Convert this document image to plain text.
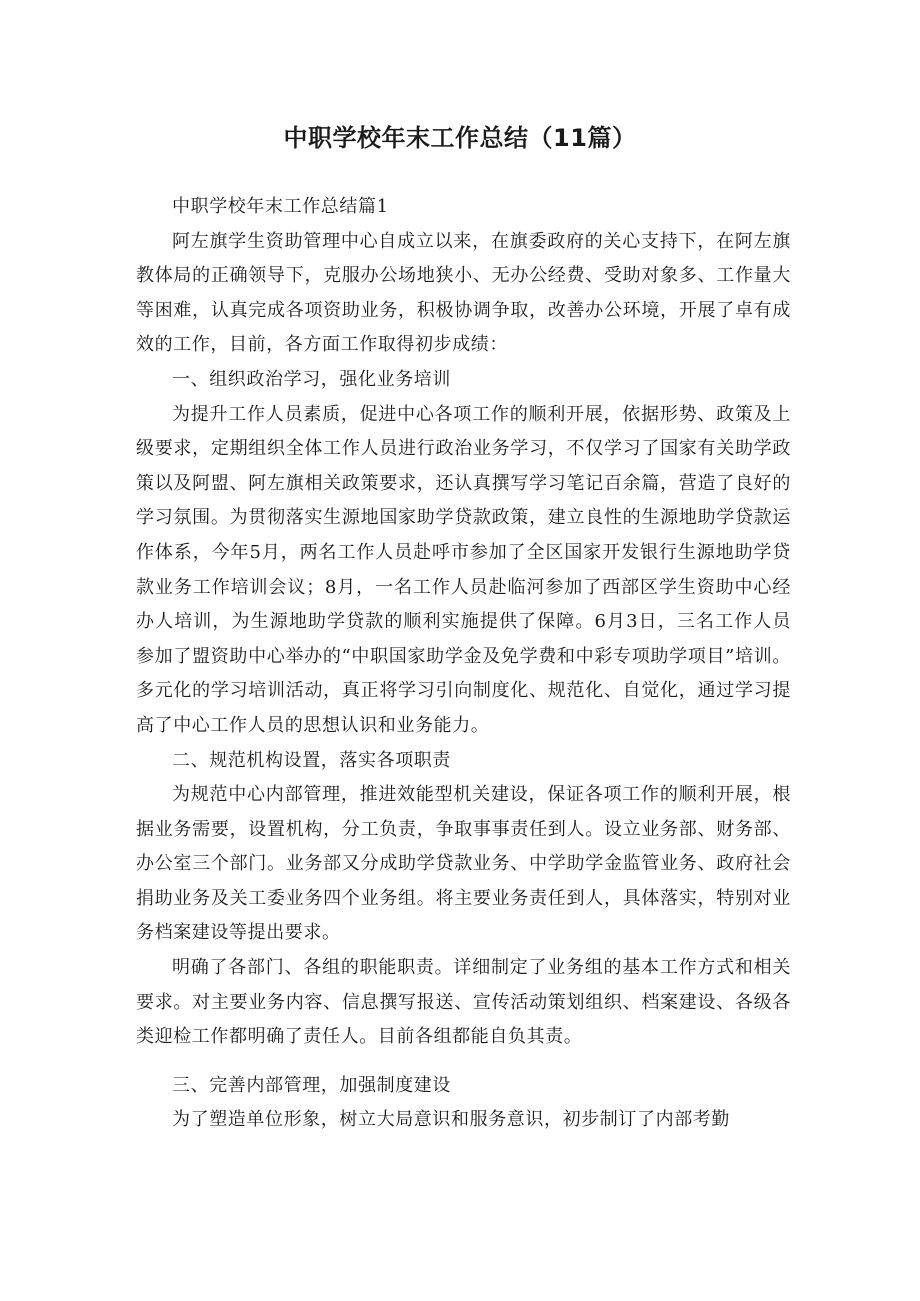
中职学校年末工作总结（11篇）

中职学校年末工作总结篇1

阿左旗学生资助管理中心自成立以来，在旗委政府的关心支持下，在阿左旗教体局的正确领导下，克服办公场地狭小、无办公经费、受助对象多、工作量大等困难，认真完成各项资助业务，积极协调争取，改善办公环境，开展了卓有成效的工作，目前，各方面工作取得初步成绩：

一、组织政治学习，强化业务培训

为提升工作人员素质，促进中心各项工作的顺利开展，依据形势、政策及上级要求，定期组织全体工作人员进行政治业务学习，不仅学习了国家有关助学政策以及阿盟、阿左旗相关政策要求，还认真撰写学习笔记百余篇，营造了良好的学习氛围。为贯彻落实生源地国家助学贷款政策，建立良性的生源地助学贷款运作体系，今年5月，两名工作人员赴呼市参加了全区国家开发银行生源地助学贷款业务工作培训会议；8月，一名工作人员赴临河参加了西部区学生资助中心经办人培训，为生源地助学贷款的顺利实施提供了保障。6月3日，三名工作人员参加了盟资助中心举办的“中职国家助学金及免学费和中彩专项助学项目”培训。多元化的学习培训活动，真正将学习引向制度化、规范化、自觉化，通过学习提高了中心工作人员的思想认识和业务能力。

二、规范机构设置，落实各项职责

为规范中心内部管理，推进效能型机关建设，保证各项工作的顺利开展，根据业务需要，设置机构，分工负责，争取事事责任到人。设立业务部、财务部、办公室三个部门。业务部又分成助学贷款业务、中学助学金监管业务、政府社会捐助业务及关工委业务四个业务组。将主要业务责任到人，具体落实，特别对业务档案建设等提出要求。

明确了各部门、各组的职能职责。详细制定了业务组的基本工作方式和相关要求。对主要业务内容、信息撰写报送、宣传活动策划组织、档案建设、各级各类迎检工作都明确了责任人。目前各组都能自负其责。

三、完善内部管理，加强制度建设

为了塑造单位形象，树立大局意识和服务意识，初步制订了内部考勤
